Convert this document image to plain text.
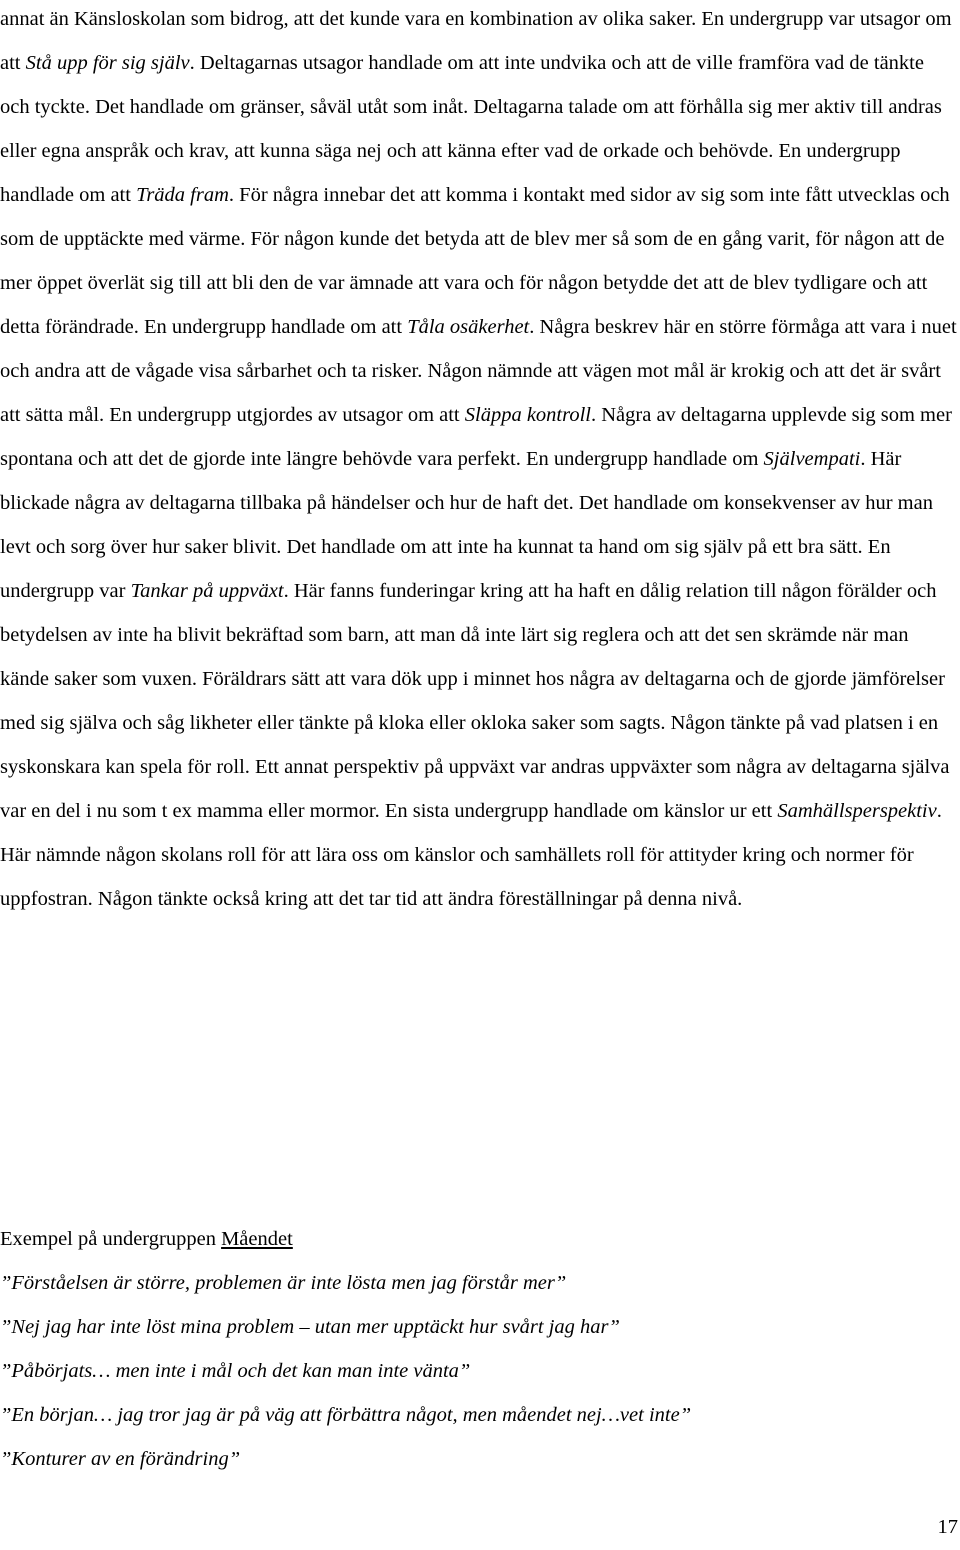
annat än Känsloskolan som bidrog, att det kunde vara en kombination av olika saker. En undergrupp var utsagor om att Stå upp för sig själv. Deltagarnas utsagor handlade om att inte undvika och att de ville framföra vad de tänkte och tyckte. Det handlade om gränser, såväl utåt som inåt. Deltagarna talade om att förhålla sig mer aktiv till andras eller egna anspråk och krav, att kunna säga nej och att känna efter vad de orkade och behövde. En undergrupp handlade om att Träda fram. För några innebar det att komma i kontakt med sidor av sig som inte fått utvecklas och som de upptäckte med värme. För någon kunde det betyda att de blev mer så som de en gång varit, för någon att de mer öppet överlät sig till att bli den de var ämnade att vara och för någon betydde det att de blev tydligare och att detta förändrade. En undergrupp handlade om att Tåla osäkerhet. Några beskrev här en större förmåga att vara i nuet och andra att de vågade visa sårbarhet och ta risker. Någon nämnde att vägen mot mål är krokig och att det är svårt att sätta mål. En undergrupp utgjordes av utsagor om att Släppa kontroll. Några av deltagarna upplevde sig som mer spontana och att det de gjorde inte längre behövde vara perfekt. En undergrupp handlade om Självempati. Här blickade några av deltagarna tillbaka på händelser och hur de haft det. Det handlade om konsekvenser av hur man levt och sorg över hur saker blivit. Det handlade om att inte ha kunnat ta hand om sig själv på ett bra sätt. En undergrupp var Tankar på uppväxt. Här fanns funderingar kring att ha haft en dålig relation till någon förälder och betydelsen av inte ha blivit bekräftad som barn, att man då inte lärt sig reglera och att det sen skrämde när man kände saker som vuxen. Föräldrars sätt att vara dök upp i minnet hos några av deltagarna och de gjorde jämförelser med sig själva och såg likheter eller tänkte på kloka eller okloka saker som sagts. Någon tänkte på vad platsen i en syskonskara kan spela för roll. Ett annat perspektiv på uppväxt var andras uppväxter som några av deltagarna själva var en del i nu som t ex mamma eller mormor. En sista undergrupp handlade om känslor ur ett Samhällsperspektiv. Här nämnde någon skolans roll för att lära oss om känslor och samhällets roll för attityder kring och normer för uppfostran. Någon tänkte också kring att det tar tid att ändra föreställningar på denna nivå.

Exempel på undergruppen Måendet

”Förståelsen är större, problemen är inte lösta men jag förstår mer”
”Nej jag har inte löst mina problem – utan mer upptäckt hur svårt jag har”
”Påbörjats… men inte i mål och det kan man inte vänta”
”En början… jag tror jag är på väg att förbättra något, men måendet nej…vet inte”
”Konturer av en förändring”

17
